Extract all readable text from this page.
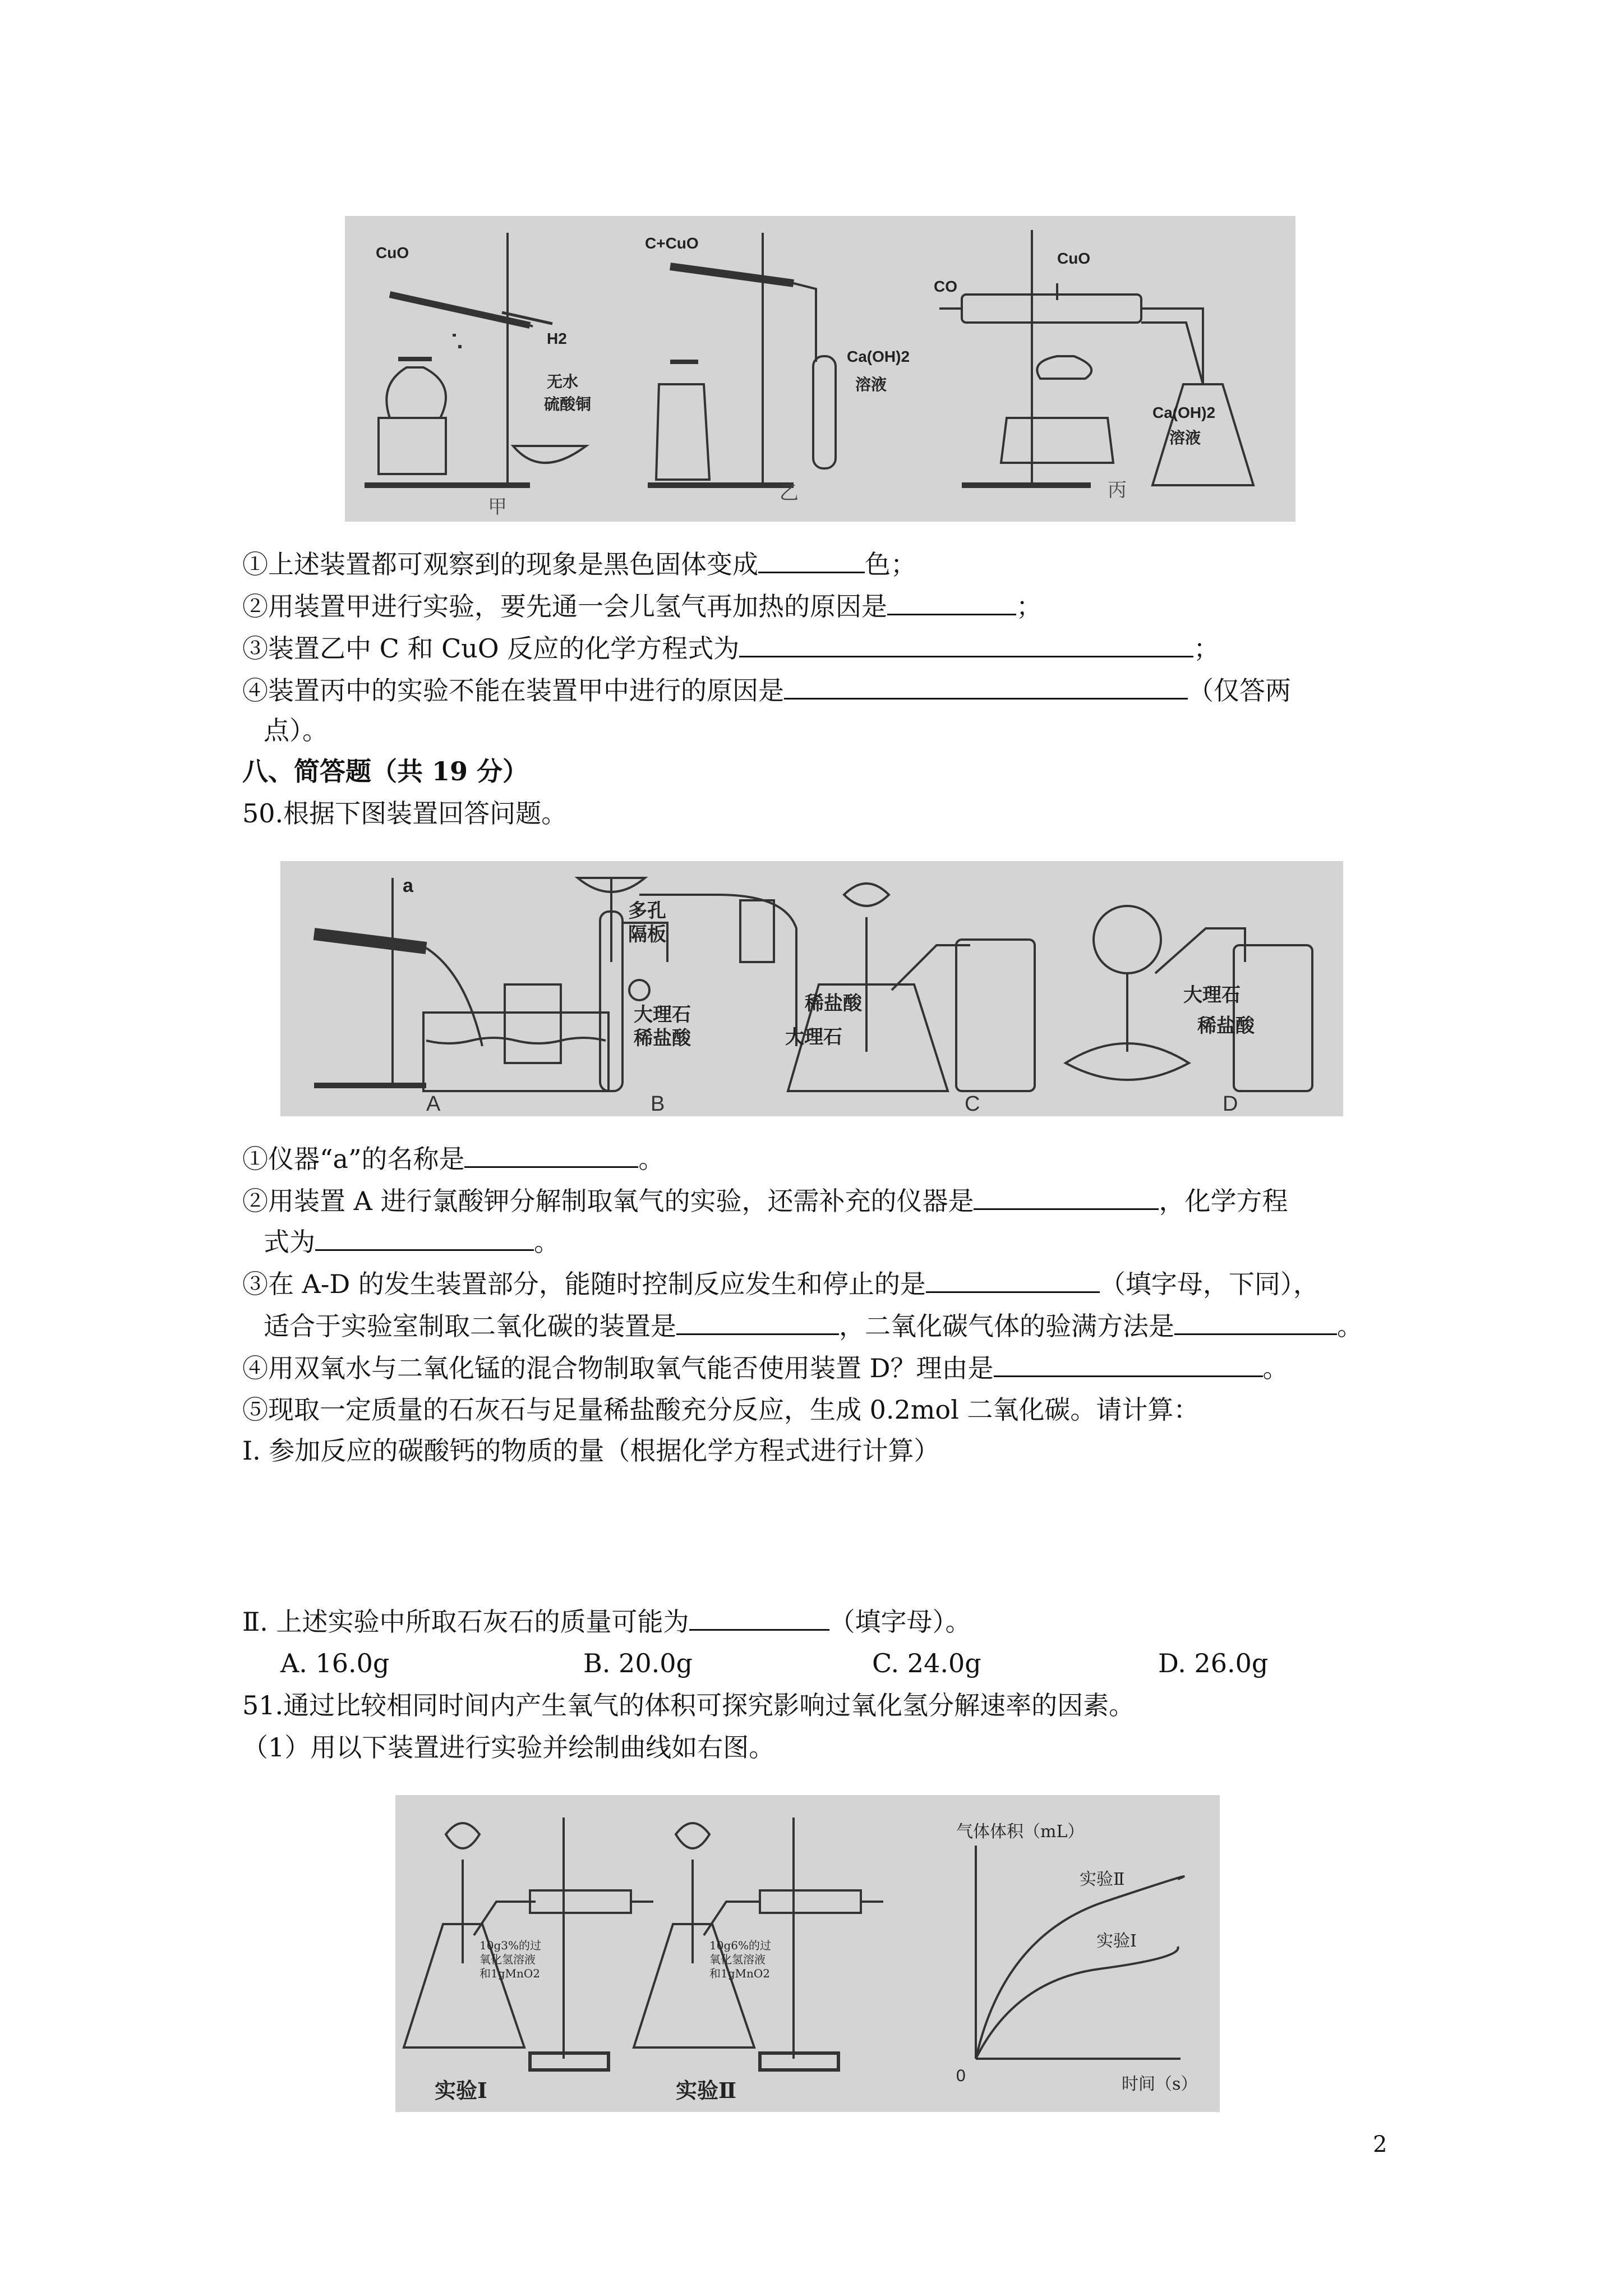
CuO
H2
无水
硫酸铜
C+CuO
Ca(OH)2
溶液
CO
CuO
Ca(OH)2
溶液
甲
乙	丙
①上述装置都可观察到的现象是黑色固体变成	色；
②用装置甲进行实验，要先通一会儿氢气再加热的原因是	；
③装置乙中 C 和 CuO 反应的化学方程式为	；
④装置丙中的实验不能在装置甲中进行的原因是	（仅答两
点）。
八、简答题（共 19 分）
50.根据下图装置回答问题。
a
多孔
隔板
大理石
稀盐酸
稀盐酸
大理石
大理石
稀盐酸
A	B	C	D
①仪器“a”的名称是	。
②用装置 A 进行氯酸钾分解制取氧气的实验，还需补充的仪器是	，化学方程
式为	。
③在 A-D 的发生装置部分，能随时控制反应发生和停止的是	（填字母，下同），
适合于实验室制取二氧化碳的装置是	，二氧化碳气体的验满方法是	。
④用双氧水与二氧化锰的混合物制取氧气能否使用装置 D？理由是	。
⑤现取一定质量的石灰石与足量稀盐酸充分反应，生成 0.2mol 二氧化碳。请计算：
Ⅰ. 参加反应的碳酸钙的物质的量（根据化学方程式进行计算）
Ⅱ. 上述实验中所取石灰石的质量可能为	（填字母）。
A. 16.0g	B. 20.0g	C. 24.0g	D. 26.0g
51.通过比较相同时间内产生氧气的体积可探究影响过氧化氢分解速率的因素。
（1）用以下装置进行实验并绘制曲线如右图。
10g3%的过
氧化氢溶液
和1gMnO2
10g6%的过
氧化氢溶液
和1gMnO2
实验Ⅰ	实验Ⅱ
气体体积（mL）
时间（s）
0
实验Ⅱ
实验Ⅰ
2
